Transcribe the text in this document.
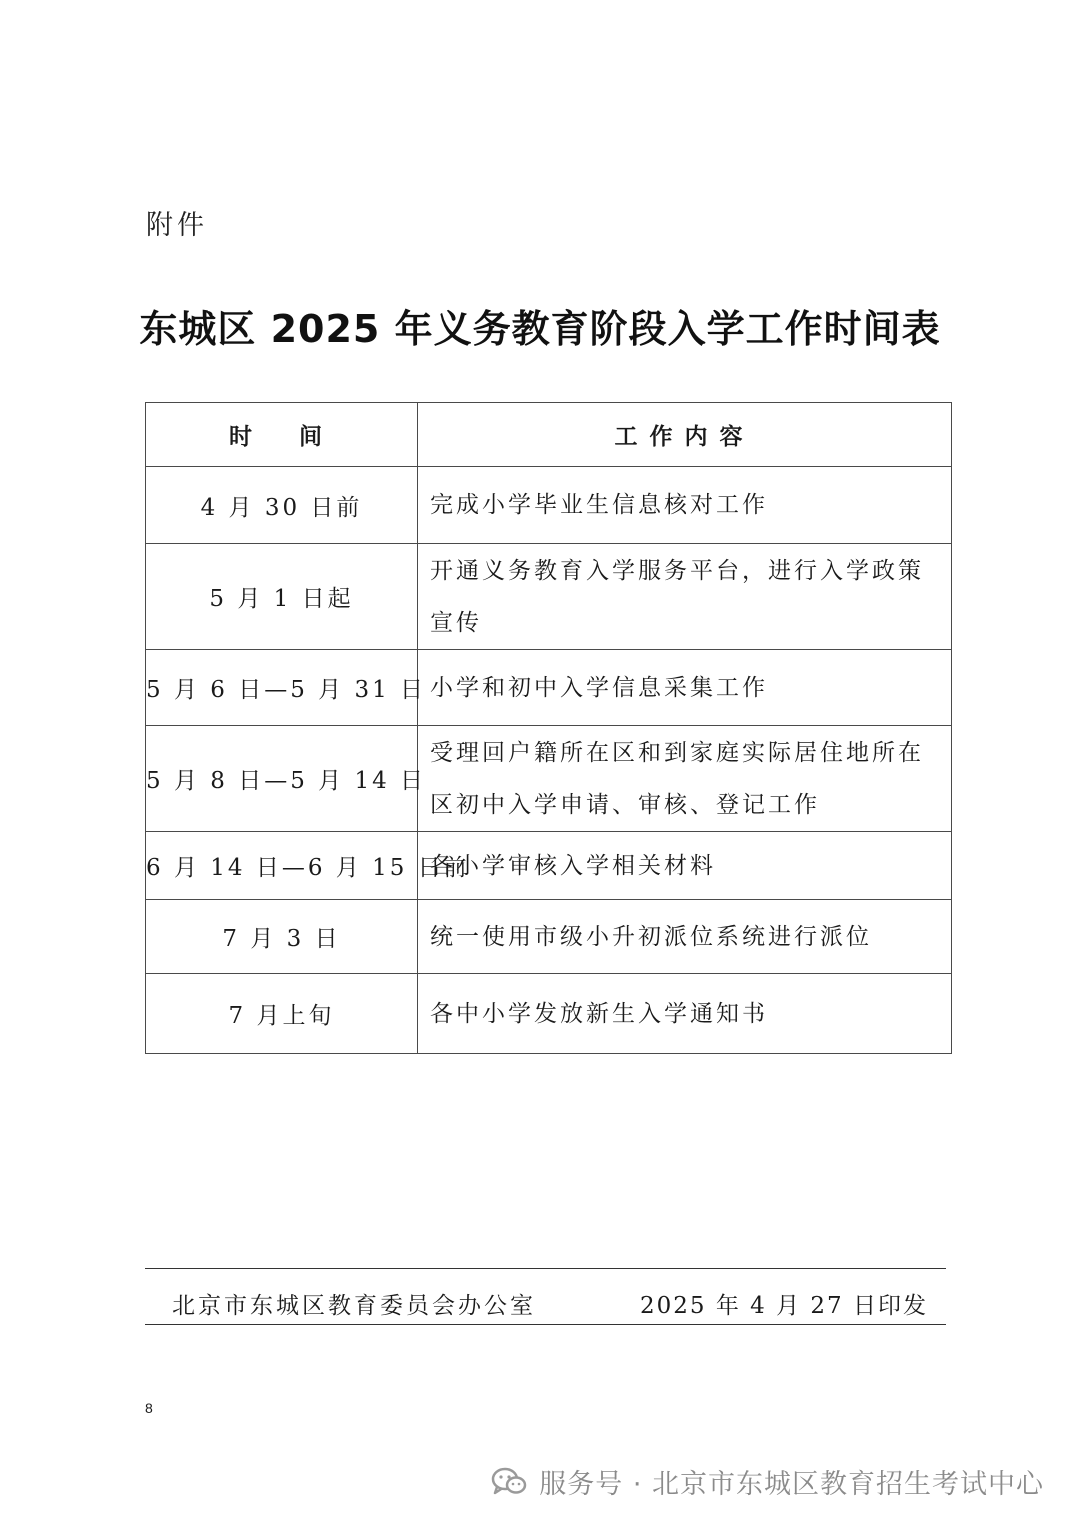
附件
东城区 2025 年义务教育阶段入学工作时间表
时　间	工作内容
4 月 30 日前	完成小学毕业生信息核对工作
5 月 1 日起	开通义务教育入学服务平台，进行入学政策宣传
5 月 6 日—5 月 31 日	小学和初中入学信息采集工作
5 月 8 日—5 月 14 日	受理回户籍所在区和到家庭实际居住地所在区初中入学申请、审核、登记工作
6 月 14 日—6 月 15 日前	各小学审核入学相关材料
7 月 3 日	统一使用市级小升初派位系统进行派位
7 月上旬	各中小学发放新生入学通知书
北京市东城区教育委员会办公室	2025 年 4 月 27 日印发
8
服务号 · 北京市东城区教育招生考试中心
